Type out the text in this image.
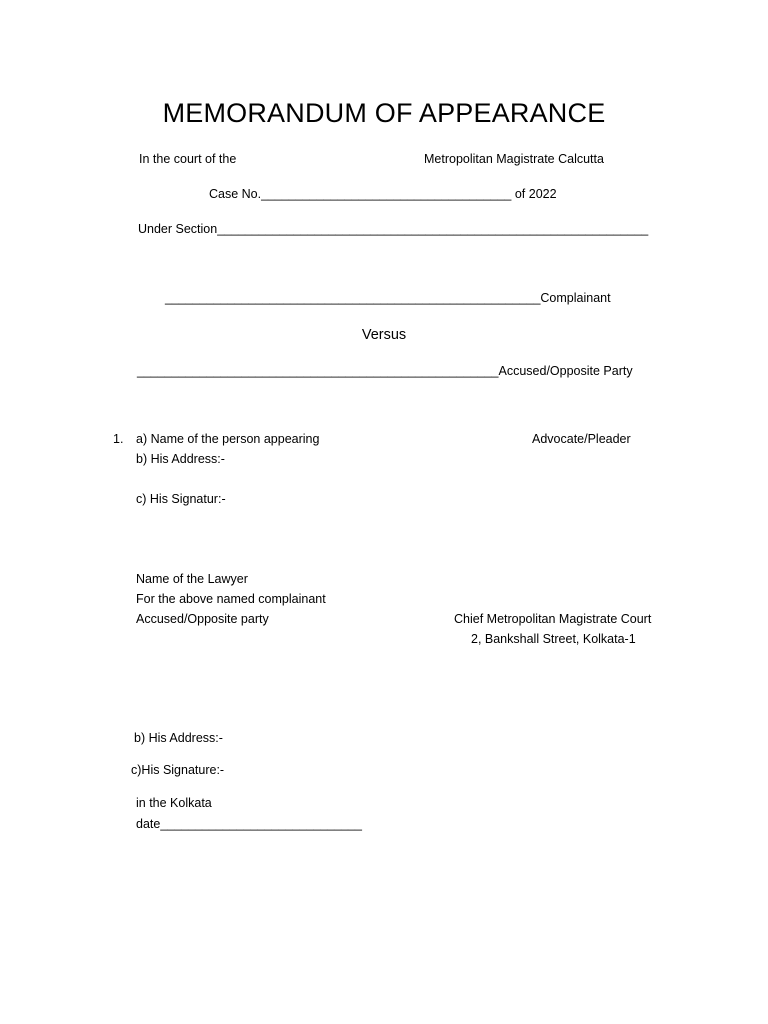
MEMORANDUM OF APPEARANCE
In the court of the	Metropolitan Magistrate Calcutta
Case No.____________________________________ of 2022
Under Section______________________________________________________________
______________________________________________________Complainant
Versus
____________________________________________________Accused/Opposite Party
1. a) Name of the person appearing	Advocate/Pleader
b) His Address:-
c) His Signatur:-
Name of the Lawyer
For the above named complainant
Accused/Opposite party	Chief Metropolitan Magistrate Court
2, Bankshall Street, Kolkata-1
b) His Address:-
c)His Signature:-
in the Kolkata
date_____________________________
